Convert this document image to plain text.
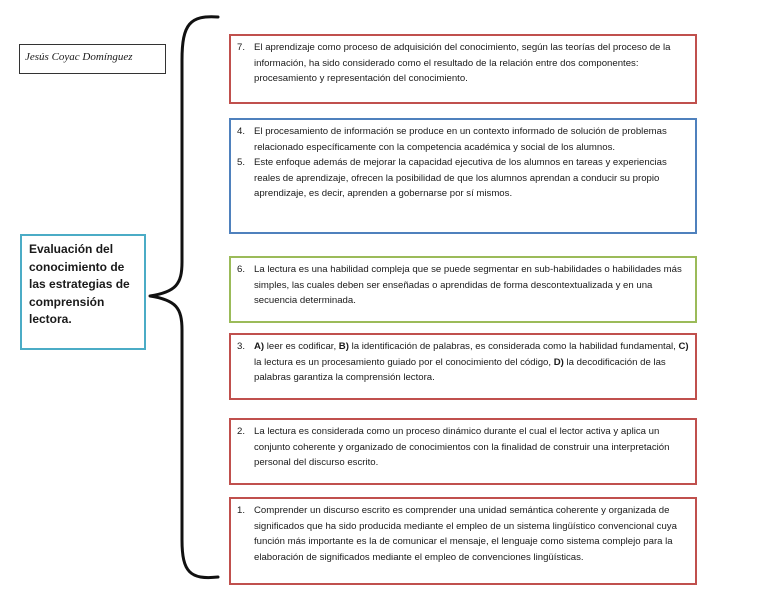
Jesús Coyac Domínguez
Evaluación del conocimiento de las estrategias de comprensión lectora.
7. El aprendizaje como proceso de adquisición del conocimiento, según las teorías del proceso de la información, ha sido considerado como el resultado de la relación entre dos componentes: procesamiento y representación del conocimiento.
4. El procesamiento de información se produce en un contexto informado de solución de problemas relacionado específicamente con la competencia académica y social de los alumnos.
5. Este enfoque además de mejorar la capacidad ejecutiva de los alumnos en tareas y experiencias reales de aprendizaje, ofrecen la posibilidad de que los alumnos aprendan a conducir su propio aprendizaje, es decir, aprenden a gobernarse por sí mismos.
6. La lectura es una habilidad compleja que se puede segmentar en sub-habilidades o habilidades más simples, las cuales deben ser enseñadas o aprendidas de forma descontextualizada y en una secuencia determinada.
3. A) leer es codificar, B) la identificación de palabras, es considerada como la habilidad fundamental, C) la lectura es un procesamiento guiado por el conocimiento del código, D) la decodificación de las palabras garantiza la comprensión lectora.
2. La lectura es considerada como un proceso dinámico durante el cual el lector activa y aplica un conjunto coherente y organizado de conocimientos con la finalidad de construir una interpretación personal del discurso escrito.
1. Comprender un discurso escrito es comprender una unidad semántica coherente y organizada de significados que ha sido producida mediante el empleo de un sistema lingüístico convencional cuya función más importante es la de comunicar el mensaje, el lenguaje como sistema complejo para la elaboración de significados mediante el empleo de convenciones lingüísticas.
